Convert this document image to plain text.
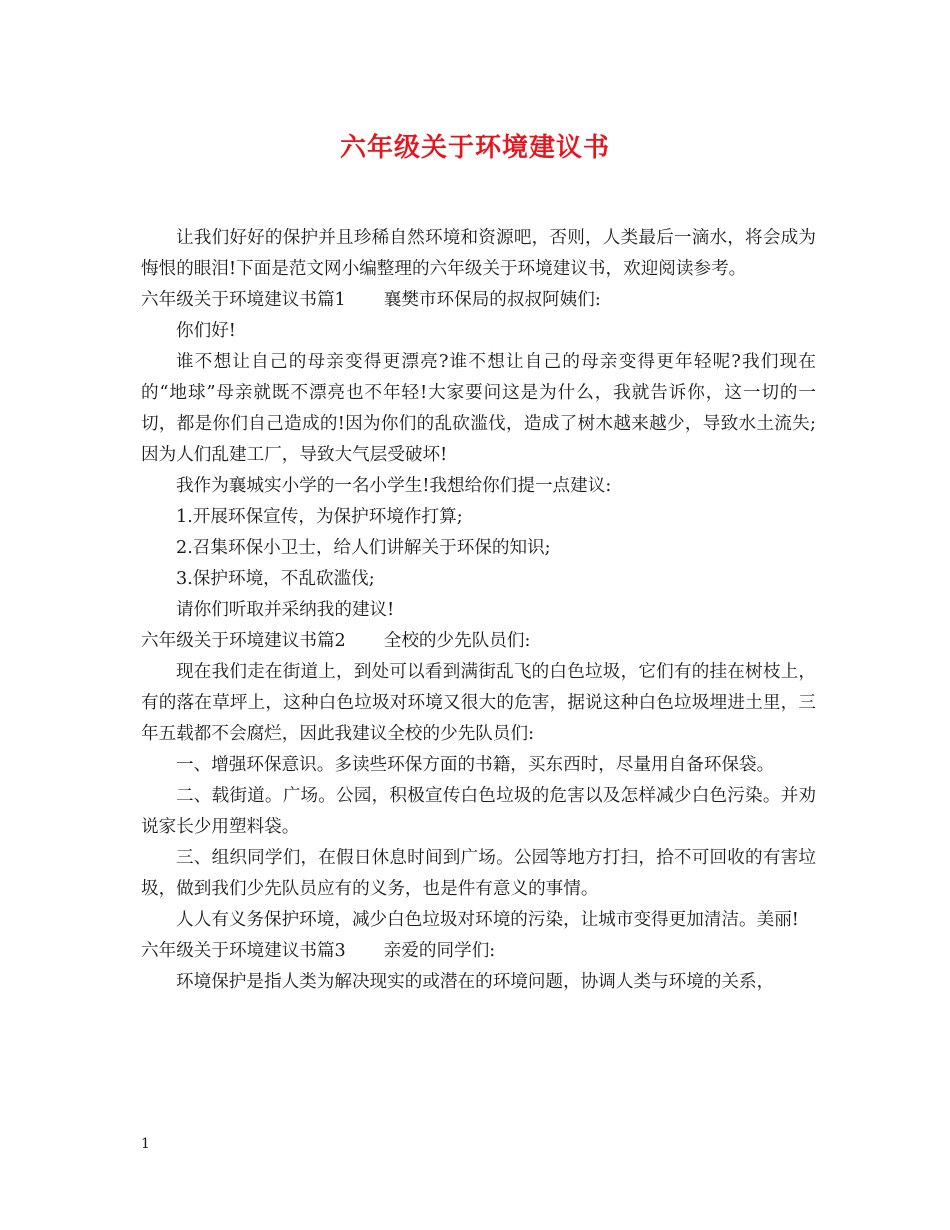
六年级关于环境建议书

让我们好好的保护并且珍稀自然环境和资源吧，否则，人类最后一滴水，将会成为悔恨的眼泪!下面是范文网小编整理的六年级关于环境建议书，欢迎阅读参考。

六年级关于环境建议书篇1 襄樊市环保局的叔叔阿姨们:

你们好!

谁不想让自己的母亲变得更漂亮?谁不想让自己的母亲变得更年轻呢?我们现在的“地球”母亲就既不漂亮也不年轻!大家要问这是为什么，我就告诉你，这一切的一切，都是你们自己造成的!因为你们的乱砍滥伐，造成了树木越来越少，导致水土流失;因为人们乱建工厂，导致大气层受破坏!

我作为襄城实小学的一名小学生!我想给你们提一点建议:

1.开展环保宣传，为保护环境作打算;

2.召集环保小卫士，给人们讲解关于环保的知识;

3.保护环境，不乱砍滥伐;

请你们听取并采纳我的建议!

六年级关于环境建议书篇2 全校的少先队员们:

现在我们走在街道上，到处可以看到满街乱飞的白色垃圾，它们有的挂在树枝上，有的落在草坪上，这种白色垃圾对环境又很大的危害，据说这种白色垃圾埋进土里，三年五载都不会腐烂，因此我建议全校的少先队员们:

一、增强环保意识。多读些环保方面的书籍，买东西时，尽量用自备环保袋。

二、载街道。广场。公园，积极宣传白色垃圾的危害以及怎样减少白色污染。并劝说家长少用塑料袋。

三、组织同学们，在假日休息时间到广场。公园等地方打扫，拾不可回收的有害垃圾，做到我们少先队员应有的义务，也是件有意义的事情。

人人有义务保护环境，减少白色垃圾对环境的污染，让城市变得更加清洁。美丽!

六年级关于环境建议书篇3 亲爱的同学们:

环境保护是指人类为解决现实的或潜在的环境问题，协调人类与环境的关系，

1
